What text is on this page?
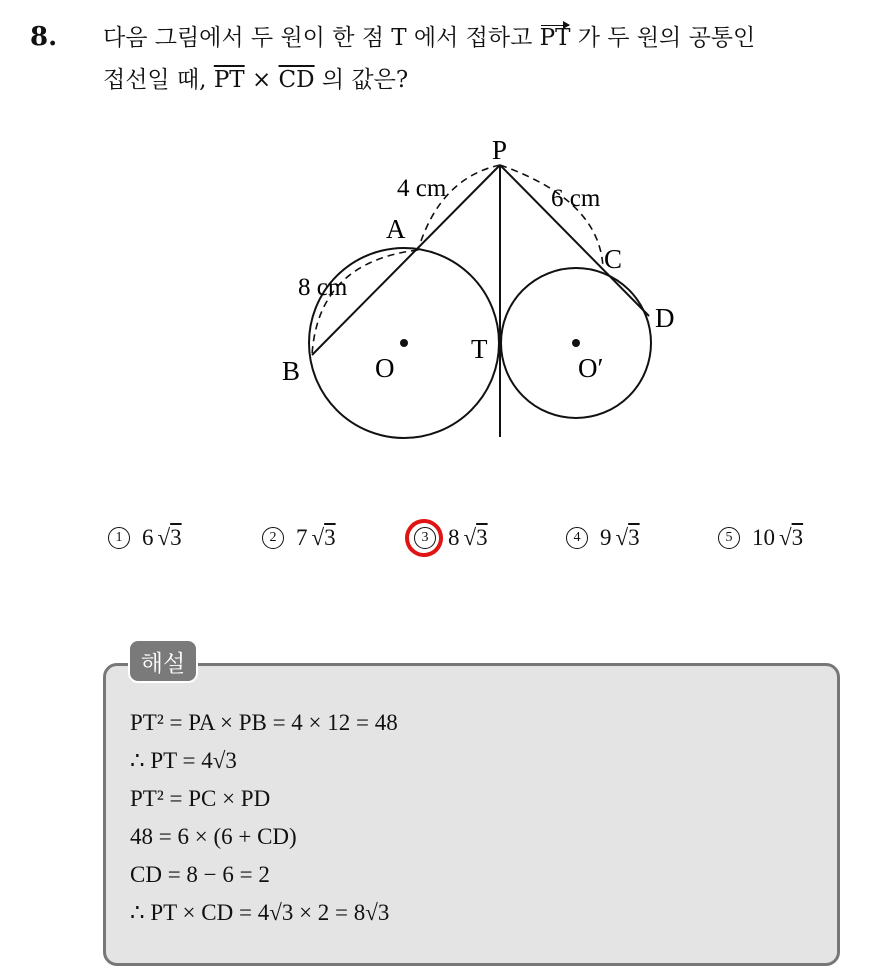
8. 다음 그림에서 두 원이 한 점 T 에서 접하고 PT 가 두 원의 공통인
접선일 때, $\overline{PT} \times \overline{CD}$ 의 값은?
P
A
B
C
D
T
O	O′
4 cm
8 cm
6 cm
1 6 √ 3	2 7 √ 3	3 8 √ 3	4 9 √ 3	5 10 √ 3
해설
PT² = PA × PB = 4 × 12 = 48
∴ PT = 4√3
PT² = PC × PD
48 = 6 × (6 + CD)
CD = 8 − 6 = 2
∴ PT × CD = 4√3 × 2 = 8√3
